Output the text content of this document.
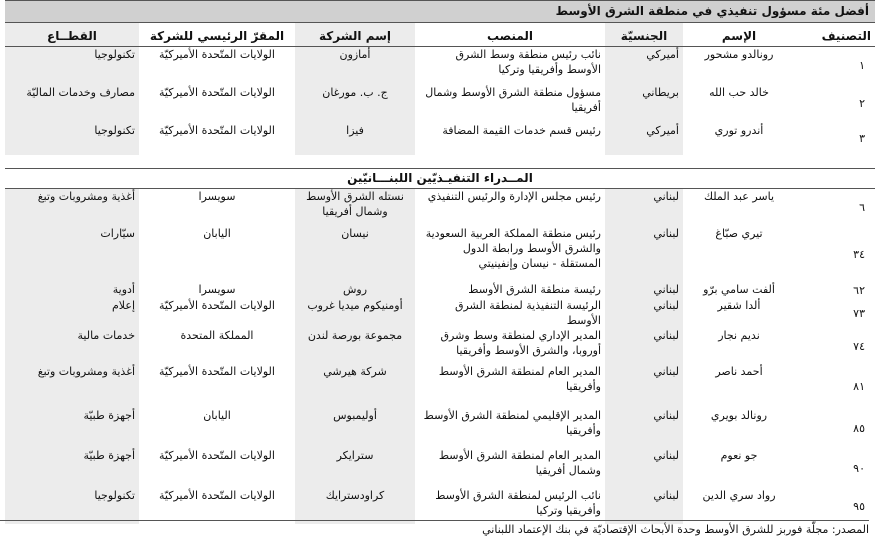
أفضل مئة مسؤول تنفيذي في منطقة الشرق الأوسط						
التصنيف	الإسم	الجنسيّة	المنصب	إسم الشركة	المقرّ الرئيسي للشركة	القطــاع
١	رونالدو مشحور	أميركي	نائب رئيس منطقة وسط الشرق الأوسط وأفريقيا وتركيا	أمازون	الولايات المتّحدة الأميركيّة	تكنولوجيا
٢	خالد حب الله	بريطاني	مسؤول منطقة الشرق الأوسط وشمال أفريقيا	ج. ب. مورغان	الولايات المتّحدة الأميركيّة	مصارف وخدمات الماليّة
٣	أندرو توري	أميركي	رئيس قسم خدمات القيمة المضافة	فيزا	الولايات المتّحدة الأميركيّة	تكنولوجيا

المــدراء التنفيـذيّين اللبنـــانيّين						
٦	ياسر عبد الملك	لبناني	رئيس مجلس الإدارة والرئيس التنفيذي	نستله الشرق الأوسط وشمال أفريقيا	سويسرا	أغذية ومشروبات وتبغ
٣٤	تيري صبّاغ	لبناني	رئيس منطقة المملكة العربية السعودية والشرق الأوسط ورابطة الدول المستقلة - نيسان وإنفينيتي	نيسان	اليابان	سيّارات
٦٢	ألفت سامي برّو	لبناني	رئيسة منطقة الشرق الأوسط	روش	سويسرا	أدوية
٧٣	ألدا شقير	لبناني	الرئيسة التنفيذية لمنطقة الشرق الأوسط	أومنيكوم ميديا غروب	الولايات المتّحدة الأميركيّة	إعلام
٧٤	نديم نجار	لبناني	المدير الإداري لمنطقة وسط وشرق أوروبا، والشرق الأوسط وأفريقيا	مجموعة بورصة لندن	المملكة المتحدة	خدمات مالية
٨١	أحمد ناصر	لبناني	المدير العام لمنطقة الشرق الأوسط وأفريقيا	شركة هيرشي	الولايات المتّحدة الأميركيّة	أغذية ومشروبات وتبغ
٨٥	رونالد بويري	لبناني	المدير الإقليمي لمنطقة الشرق الأوسط وأفريقيا	أوليمبوس	اليابان	أجهزة طبيّة
٩٠	جو نعوم	لبناني	المدير العام لمنطقة الشرق الأوسط وشمال أفريقيا	سترايكر	الولايات المتّحدة الأميركيّة	أجهزة طبيّة
٩٥	رواد سري الدين	لبناني	نائب الرئيس لمنطقة الشرق الأوسط وأفريقيا وتركيا	كراودسترايك	الولايات المتّحدة الأميركيّة	تكنولوجيا
المصدر: مجلّة فوربز للشرق الأوسط وحدة الأبحاث الإقتصاديّة في بنك الإعتماد اللبناني
